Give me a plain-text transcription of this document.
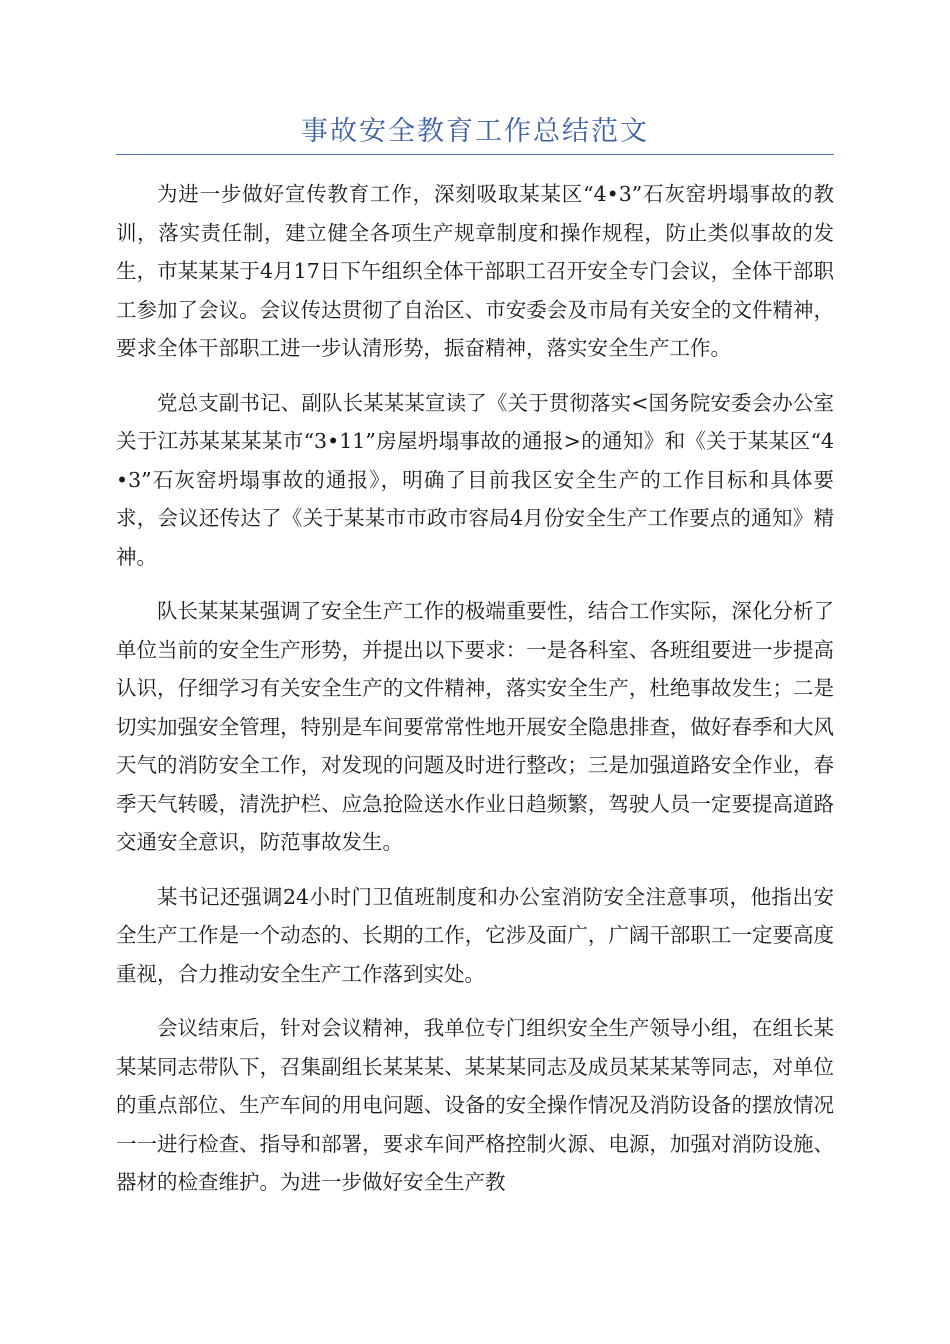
事故安全教育工作总结范文

为进一步做好宣传教育工作，深刻吸取某某区“4•3”石灰窑坍塌事故的教训，落实责任制，建立健全各项生产规章制度和操作规程，防止类似事故的发生，市某某某于4月17日下午组织全体干部职工召开安全专门会议，全体干部职工参加了会议。会议传达贯彻了自治区、市安委会及市局有关安全的文件精神，要求全体干部职工进一步认清形势，振奋精神，落实安全生产工作。

党总支副书记、副队长某某某宣读了《关于贯彻落实<国务院安委会办公室关于江苏某某某某市“3•11”房屋坍塌事故的通报>的通知》和《关于某某区“4•3”石灰窑坍塌事故的通报》，明确了目前我区安全生产的工作目标和具体要求，会议还传达了《关于某某市市政市容局4月份安全生产工作要点的通知》精神。

队长某某某强调了安全生产工作的极端重要性，结合工作实际，深化分析了单位当前的安全生产形势，并提出以下要求：一是各科室、各班组要进一步提高认识，仔细学习有关安全生产的文件精神，落实安全生产，杜绝事故发生；二是切实加强安全管理，特别是车间要常常性地开展安全隐患排查，做好春季和大风天气的消防安全工作，对发现的问题及时进行整改；三是加强道路安全作业，春季天气转暖，清洗护栏、应急抢险送水作业日趋频繁，驾驶人员一定要提高道路交通安全意识，防范事故发生。

某书记还强调24小时门卫值班制度和办公室消防安全注意事项，他指出安全生产工作是一个动态的、长期的工作，它涉及面广，广阔干部职工一定要高度重视，合力推动安全生产工作落到实处。

会议结束后，针对会议精神，我单位专门组织安全生产领导小组，在组长某某某同志带队下，召集副组长某某某、某某某同志及成员某某某等同志，对单位的重点部位、生产车间的用电问题、设备的安全操作情况及消防设备的摆放情况一一进行检查、指导和部署，要求车间严格控制火源、电源，加强对消防设施、器材的检查维护。为进一步做好安全生产教
